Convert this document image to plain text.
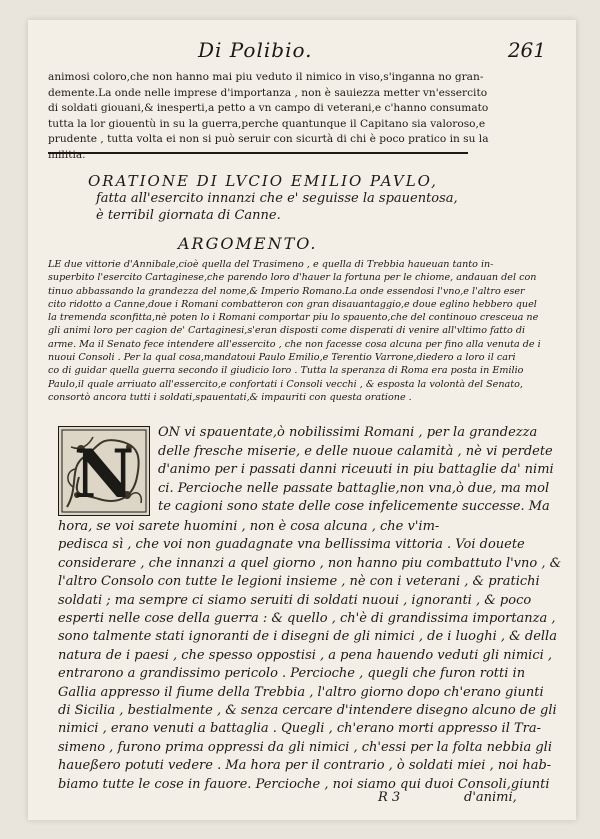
Di Polibio.	261
animosi coloro,che non hanno mai piu veduto il nimico in viso,s'inganna no gran-
demente.La onde nelle imprese d'importanza , non è sauiezza metter vn'essercito
di soldati giouani,& inesperti,a petto a vn campo di veterani,e c'hanno consumato
tutta la lor giouentù in su la guerra,perche quantunque il Capitano sia valoroso,e
prudente , tutta volta ei non si può seruir con sicurtà di chi è poco pratico in su la
militia.
ORATIONE DI LVCIO EMILIO PAVLO,
fatta all'esercito innanzi che e' seguisse la spauentosa,
è terribil giornata di Canne.
ARGOMENTO.
LE due vittorie d'Annibale,cioè quella del Trasimeno , e quella di Trebbia haueuan tanto in-
superbito l'esercito Cartaginese,che parendo loro d'hauer la fortuna per le chiome, andauan del con
tinuo abbassando la grandezza del nome,& Imperio Romano.La onde essendosi l'vno,e l'altro eser
cito ridotto a Canne,doue i Romani combatteron con gran disauantaggio,e doue eglino hebbero quel
la tremenda sconfitta,nè poten lo i Romani comportar piu lo spauento,che del continouo cresceua ne
gli animi loro per cagion de' Cartaginesi,s'eran disposti come disperati di venire all'vltimo fatto di
arme. Ma il Senato fece intendere all'essercito , che non facesse cosa alcuna per fino alla venuta de i
nuoui Consoli . Per la qual cosa,mandatoui Paulo Emilio,e Terentio Varrone,diedero a loro il cari
co di guidar quella guerra secondo il giudicio loro . Tutta la speranza di Roma era posta in Emilio
Paulo,il quale arriuato all'essercito,e confortati i Consoli vecchi , & esposta la volontà del Senato,
consortò ancora tutti i soldati,spauentati,& impauriti con questa oratione .
N
ON vi spauentate,ò nobilissimi Romani , per la grandezza
delle fresche miserie, e delle nuoue calamità , nè vi perdete
d'animo per i passati danni riceuuti in piu battaglie da' nimi
ci. Percioche nelle passate battaglie,non vna,ò due, ma mol
te cagioni sono state delle cose infelicemente successe. Ma
hora, se voi sarete huomini , non è cosa alcuna , che v'im-
pedisca sì , che voi non guadagnate vna bellissima vittoria . Voi douete
considerare , che innanzi a quel giorno , non hanno piu combattuto l'vno , &
l'altro Consolo con tutte le legioni insieme , nè con i veterani , & pratichi
soldati ; ma sempre ci siamo seruiti di soldati nuoui , ignoranti , & poco
esperti nelle cose della guerra : & quello , ch'è di grandissima importanza ,
sono talmente stati ignoranti de i disegni de gli nimici , de i luoghi , & della
natura de i paesi , che spesso oppostisi , a pena hauendo veduti gli nimici ,
entrarono a grandissimo pericolo . Percioche , quegli che furon rotti in
Gallia appresso il fiume della Trebbia , l'altro giorno dopo ch'erano giunti
di Sicilia , bestialmente , & senza cercare d'intendere disegno alcuno de gli
nimici , erano venuti a battaglia . Quegli , ch'erano morti appresso il Tra-
simeno , furono prima oppressi da gli nimici , ch'essi per la folta nebbia gli
haueßero potuti vedere . Ma hora per il contrario , ò soldati miei , noi hab-
biamo tutte le cose in fauore. Percioche , noi siamo qui duoi Consoli,giunti
R 3	d'animi,
